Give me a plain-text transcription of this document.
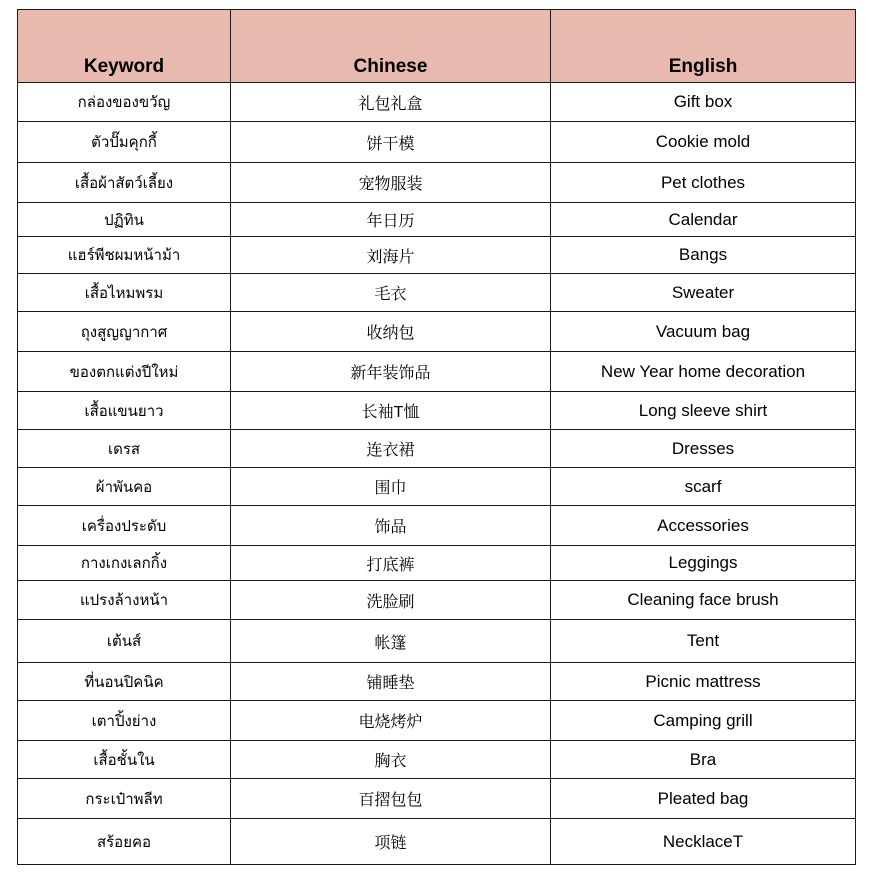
Keyword	Chinese	English
กล่องของขวัญ	礼包礼盒	Gift box
ตัวปั๊มคุกกี้	饼干模	Cookie mold
เสื้อผ้าสัตว์เลี้ยง	宠物服装	Pet clothes
ปฏิทิน	年日历	Calendar
แฮร์พีชผมหน้าม้า	刘海片	Bangs
เสื้อไหมพรม	毛衣	Sweater
ถุงสูญญากาศ	收纳包	Vacuum bag
ของตกแต่งปีใหม่	新年装饰品	New Year home decoration
เสื้อแขนยาว	长袖T恤	Long sleeve shirt
เดรส	连衣裙	Dresses
ผ้าพันคอ	围巾	scarf
เครื่องประดับ	饰品	Accessories
กางเกงเลกกิ้ง	打底裤	Leggings
แปรงล้างหน้า	洗脸刷	Cleaning face brush
เต้นส์	帐篷	Tent
ที่นอนปิคนิค	铺睡垫	Picnic mattress
เตาปิ้งย่าง	电烧烤炉	Camping grill
เสื้อชั้นใน	胸衣	Bra
กระเป๋าพลีท	百摺包包	Pleated bag
สร้อยคอ	项链	NecklaceT
